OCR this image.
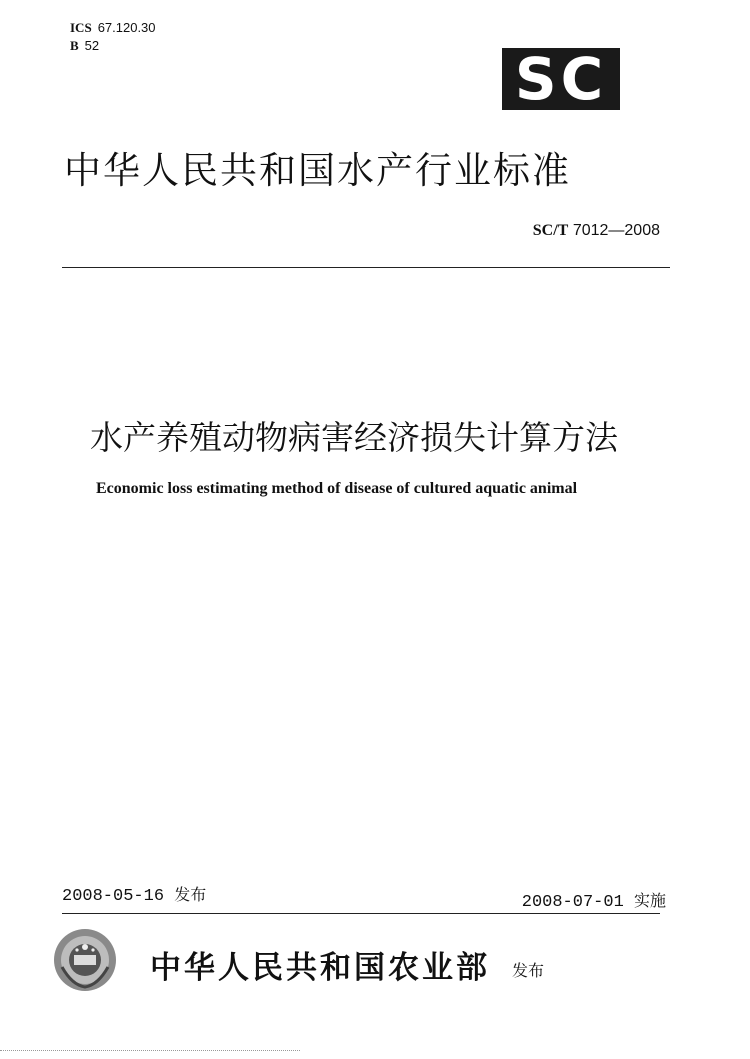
ICS 67.120.30
B 52	SC
中华人民共和国水产行业标准
SC/T 7012—2008
水产养殖动物病害经济损失计算方法
Economic loss estimating method of disease of cultured aquatic animal
2008-05-16 发布	2008-07-01 实施
中华人民共和国农业部 发布
